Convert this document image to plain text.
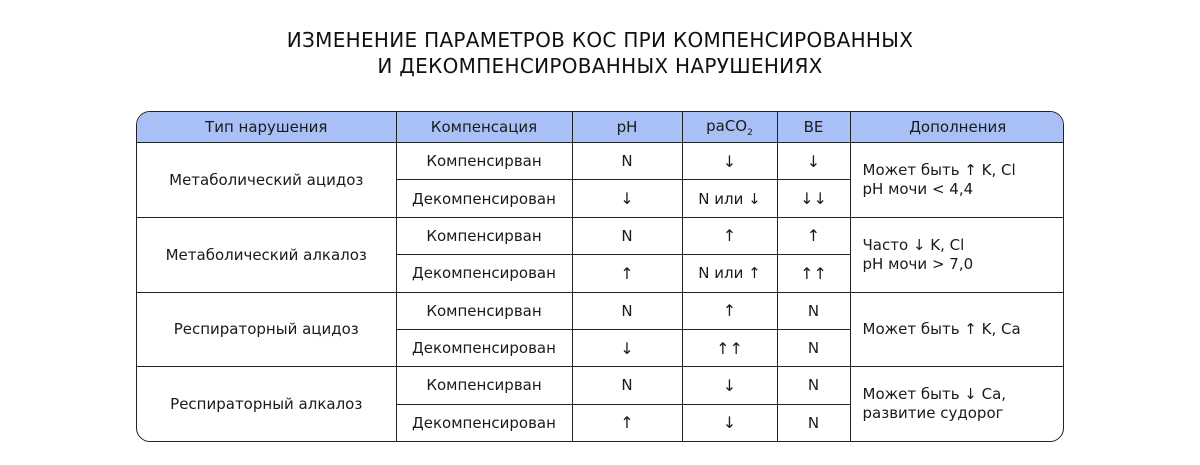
ИЗМЕНЕНИЕ ПАРАМЕТРОВ КОС ПРИ КОМПЕНСИРОВАННЫХ
И ДЕКОМПЕНСИРОВАННЫХ НАРУШЕНИЯХ
Тип нарушения	Компенсация	pH	paCO$_2$	BE	Дополнения
Метаболический ацидоз	Компенсирван	N	↓	↓	Может быть ↑ K, Cl
pH мочи < 4,4

	Декомпенсирован	↓	N или ↓	↓↓	
Метаболический алкалоз	Компенсирван	N	↑	↑	Часто ↓ K, Cl
pH мочи > 7,0

	Декомпенсирован	↑	N или ↑	↑↑	
Респираторный ацидоз	Компенсирван	N	↑	N	Может быть ↑ K, Ca

	Декомпенсирован	↓	↑↑	N	
Респираторный алкалоз	Компенсирван	N	↓	N	Может быть ↓ Ca,
развитие судорог

	Декомпенсирован	↑	↓	N	
